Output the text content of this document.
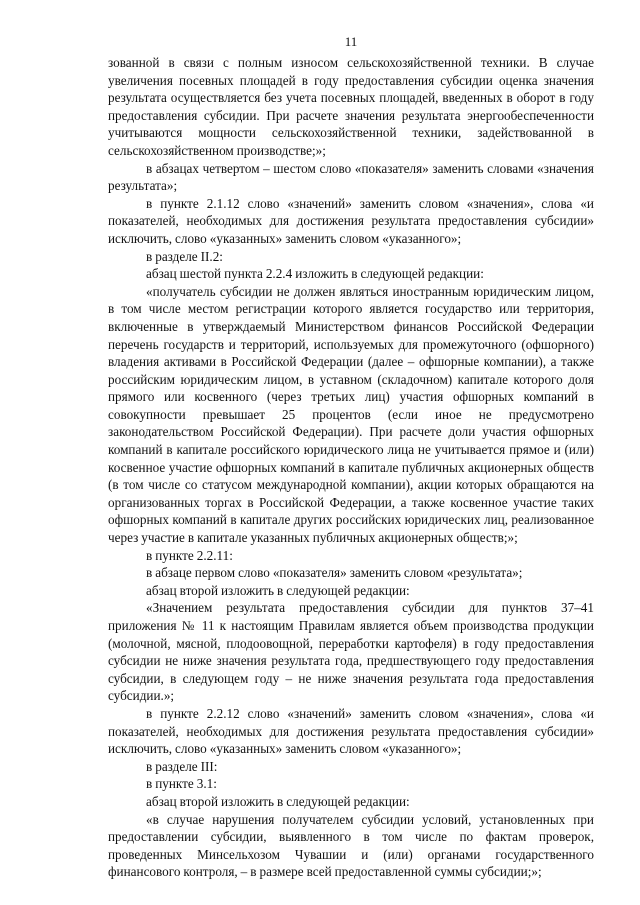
11

зованной в связи с полным износом сельскохозяйственной техники. В случае увеличения посевных площадей в году предоставления субсидии оценка значения результата осуществляется без учета посевных площадей, введенных в оборот в году предоставления субсидии. При расчете значения результата энергообеспеченности учитываются мощности сельскохозяйственной техники, задействованной в сельскохозяйственном производстве;»;

в абзацах четвертом – шестом слово «показателя» заменить словами «значения результата»;

в пункте 2.1.12 слово «значений» заменить словом «значения», слова «и показателей, необходимых для достижения результата предоставления субсидии» исключить, слово «указанных» заменить словом «указанного»;

в разделе II.2:

абзац шестой пункта 2.2.4 изложить в следующей редакции:

«получатель субсидии не должен являться иностранным юридическим лицом, в том числе местом регистрации которого является государство или территория, включенные в утверждаемый Министерством финансов Российской Федерации перечень государств и территорий, используемых для промежуточного (офшорного) владения активами в Российской Федерации (далее – офшорные компании), а также российским юридическим лицом, в уставном (складочном) капитале которого доля прямого или косвенного (через третьих лиц) участия офшорных компаний в совокупности превышает 25 процентов (если иное не предусмотрено законодательством Российской Федерации). При расчете доли участия офшорных компаний в капитале российского юридического лица не учитывается прямое и (или) косвенное участие офшорных компаний в капитале публичных акционерных обществ (в том числе со статусом международной компании), акции которых обращаются на организованных торгах в Российской Федерации, а также косвенное участие таких офшорных компаний в капитале других российских юридических лиц, реализованное через участие в капитале указанных публичных акционерных обществ;»;

в пункте 2.2.11:

в абзаце первом слово «показателя» заменить словом «результата»;

абзац второй изложить в следующей редакции:

«Значением результата предоставления субсидии для пунктов 37–41 приложения № 11 к настоящим Правилам является объем производства продукции (молочной, мясной, плодоовощной, переработки картофеля) в году предоставления субсидии не ниже значения результата года, предшествующего году предоставления субсидии, в следующем году – не ниже значения результата года предоставления субсидии.»;

в пункте 2.2.12 слово «значений» заменить словом «значения», слова «и показателей, необходимых для достижения результата предоставления субсидии» исключить, слово «указанных» заменить словом «указанного»;

в разделе III:

в пункте 3.1:

абзац второй изложить в следующей редакции:

«в случае нарушения получателем субсидии условий, установленных при предоставлении субсидии, выявленного в том числе по фактам проверок, проведенных Минсельхозом Чувашии и (или) органами государственного финансового контроля, – в размере всей предоставленной суммы субсидии;»;
